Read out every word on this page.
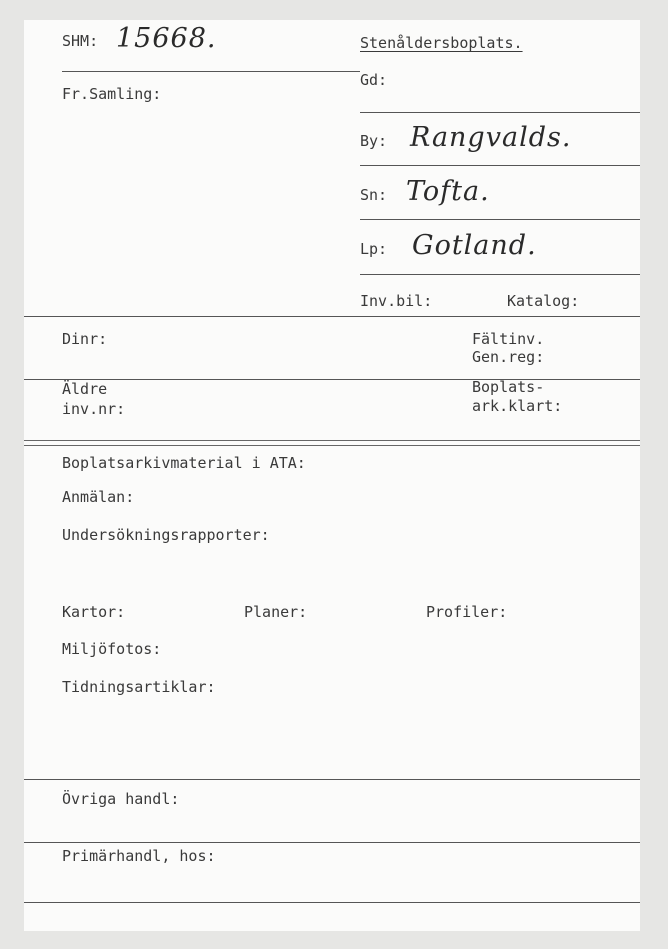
SHM: 15668.	Stenåldersboplats.
Fr.Samling:
Gd:
By: Rangvalds.
Sn: Tofta.
Lp: Gotland.
Inv.bil:	Katalog:
Dinr:	Fältinv.
Gen.reg:
Äldre
inv.nr:
Boplats-
ark.klart:
Boplatsarkivmaterial i ATA:
Anmälan:
Undersökningsrapporter:
Kartor:	Planer:	Profiler:
Miljöfotos:
Tidningsartiklar:
Övriga handl:
Primärhandl, hos:
